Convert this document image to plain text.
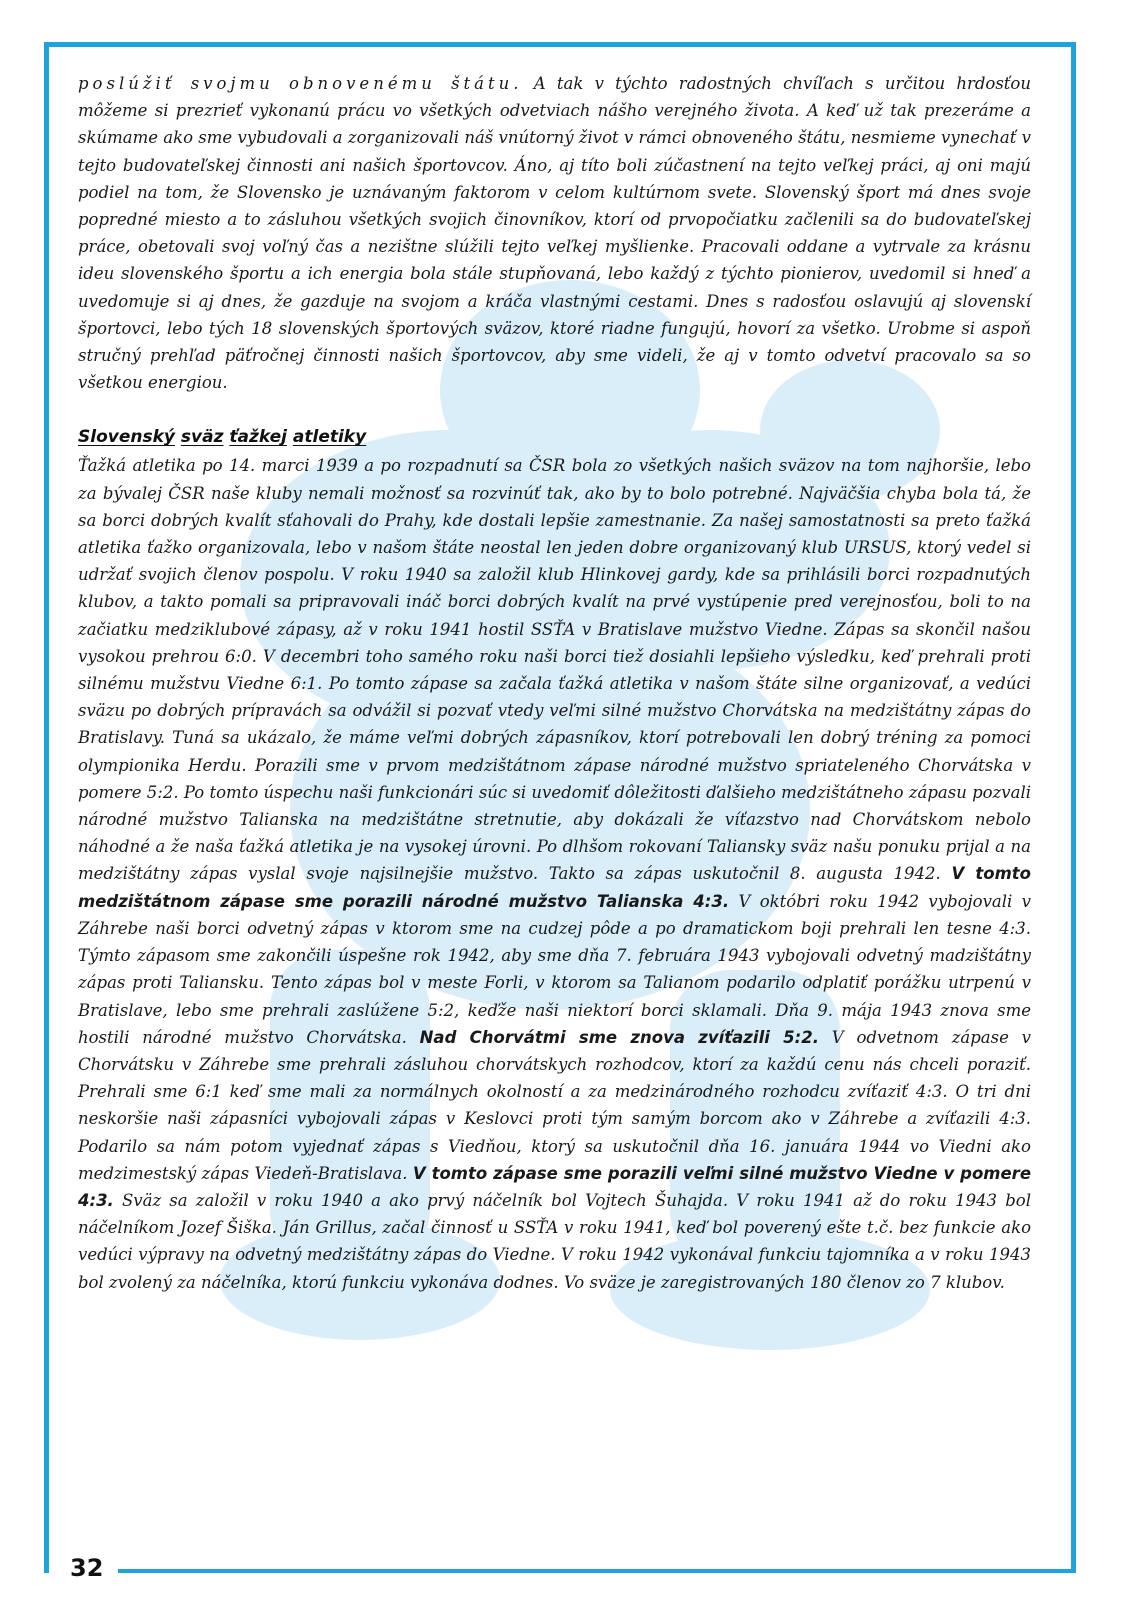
poslúžiť svojmu obnovenému štátu. A tak v týchto radostných chvíľach s určitou hrdosťou môžeme si prezrieť vykonanú prácu vo všetkých odvetviach nášho verejného života. A keď už tak prezeráme a skúmame ako sme vybudovali a zorganizovali náš vnútorný život v rámci obnoveného štátu, nesmieme vynechať v tejto budovateľskej činnosti ani našich športovcov. Áno, aj títo boli zúčastnení na tejto veľkej práci, aj oni majú podiel na tom, že Slovensko je uznávaným faktorom v celom kultúrnom svete. Slovenský šport má dnes svoje popredné miesto a to zásluhou všetkých svojich činovníkov, ktorí od prvopočiatku začlenili sa do budovateľskej práce, obetovali svoj voľný čas a nezištne slúžili tejto veľkej myšlienke. Pracovali oddane a vytrvale za krásnu ideu slovenského športu a ich energia bola stále stupňovaná, lebo každý z týchto pionierov, uvedomil si hneď a uvedomuje si aj dnes, že gazduje na svojom a kráča vlastnými cestami. Dnes s radosťou oslavujú aj slovenskí športovci, lebo tých 18 slovenských športových sväzov, ktoré riadne fungujú, hovorí za všetko. Urobme si aspoň stručný prehľad päťročnej činnosti našich športovcov, aby sme videli, že aj v tomto odvetví pracovalo sa so všetkou energiou.

Slovenský sväz ťažkej atletiky

Ťažká atletika po 14. marci 1939 a po rozpadnutí sa ČSR bola zo všetkých našich sväzov na tom najhoršie, lebo za bývalej ČSR naše kluby nemali možnosť sa rozvinúť tak, ako by to bolo potrebné. Najväčšia chyba bola tá, že sa borci dobrých kvalít sťahovali do Prahy, kde dostali lepšie zamestnanie. Za našej samostatnosti sa preto ťažká atletika ťažko organizovala, lebo v našom štáte neostal len jeden dobre organizovaný klub URSUS, ktorý vedel si udržať svojich členov pospolu. V roku 1940 sa založil klub Hlinkovej gardy, kde sa prihlásili borci rozpadnutých klubov, a takto pomali sa pripravovali ináč borci dobrých kvalít na prvé vystúpenie pred verejnosťou, boli to na začiatku medziklubové zápasy, až v roku 1941 hostil SSŤA v Bratislave mužstvo Viedne. Zápas sa skončil našou vysokou prehrou 6:0. V decembri toho samého roku naši borci tiež dosiahli lepšieho výsledku, keď prehrali proti silnému mužstvu Viedne 6:1. Po tomto zápase sa začala ťažká atletika v našom štáte silne organizovať, a vedúci sväzu po dobrých prípravách sa odvážil si pozvať vtedy veľmi silné mužstvo Chorvátska na medzištátny zápas do Bratislavy. Tuná sa ukázalo, že máme veľmi dobrých zápasníkov, ktorí potrebovali len dobrý tréning za pomoci olympionika Herdu. Porazili sme v prvom medzištátnom zápase národné mužstvo spriateleného Chorvátska v pomere 5:2. Po tomto úspechu naši funkcionári súc si uvedomiť dôležitosti ďalšieho medzištátneho zápasu pozvali národné mužstvo Talianska na medzištátne stretnutie, aby dokázali že víťazstvo nad Chorvátskom nebolo náhodné a že naša ťažká atletika je na vysokej úrovni. Po dlhšom rokovaní Taliansky sväz našu ponuku prijal a na medzištátny zápas vyslal svoje najsilnejšie mužstvo. Takto sa zápas uskutočnil 8. augusta 1942. V tomto medzištátnom zápase sme porazili národné mužstvo Talianska 4:3. V októbri roku 1942 vybojovali v Záhrebe naši borci odvetný zápas v ktorom sme na cudzej pôde a po dramatickom boji prehrali len tesne 4:3. Týmto zápasom sme zakončili úspešne rok 1942, aby sme dňa 7. februára 1943 vybojovali odvetný madzištátny zápas proti Taliansku. Tento zápas bol v meste Forli, v ktorom sa Talianom podarilo odplatiť porážku utrpenú v Bratislave, lebo sme prehrali zaslúžene 5:2, keďže naši niektorí borci sklamali. Dňa 9. mája 1943 znova sme hostili národné mužstvo Chorvátska. Nad Chorvátmi sme znova zvíťazili 5:2. V odvetnom zápase v Chorvátsku v Záhrebe sme prehrali zásluhou chorvátskych rozhodcov, ktorí za každú cenu nás chceli poraziť. Prehrali sme 6:1 keď sme mali za normálnych okolností a za medzinárodného rozhodcu zvíťaziť 4:3. O tri dni neskoršie naši zápasníci vybojovali zápas v Keslovci proti tým samým borcom ako v Záhrebe a zvíťazili 4:3. Podarilo sa nám potom vyjednať zápas s Viedňou, ktorý sa uskutočnil dňa 16. januára 1944 vo Viedni ako medzimestský zápas Viedeň-Bratislava. V tomto zápase sme porazili veľmi silné mužstvo Viedne v pomere 4:3. Sväz sa založil v roku 1940 a ako prvý náčelník bol Vojtech Šuhajda. V roku 1941 až do roku 1943 bol náčelníkom Jozef Šiška. Ján Grillus, začal činnosť u SSŤA v roku 1941, keď bol poverený ešte t.č. bez funkcie ako vedúci výpravy na odvetný medzištátny zápas do Viedne. V roku 1942 vykonával funkciu tajomníka a v roku 1943 bol zvolený za náčelníka, ktorú funkciu vykonáva dodnes. Vo sväze je zaregistrovaných 180 členov zo 7 klubov.

32
